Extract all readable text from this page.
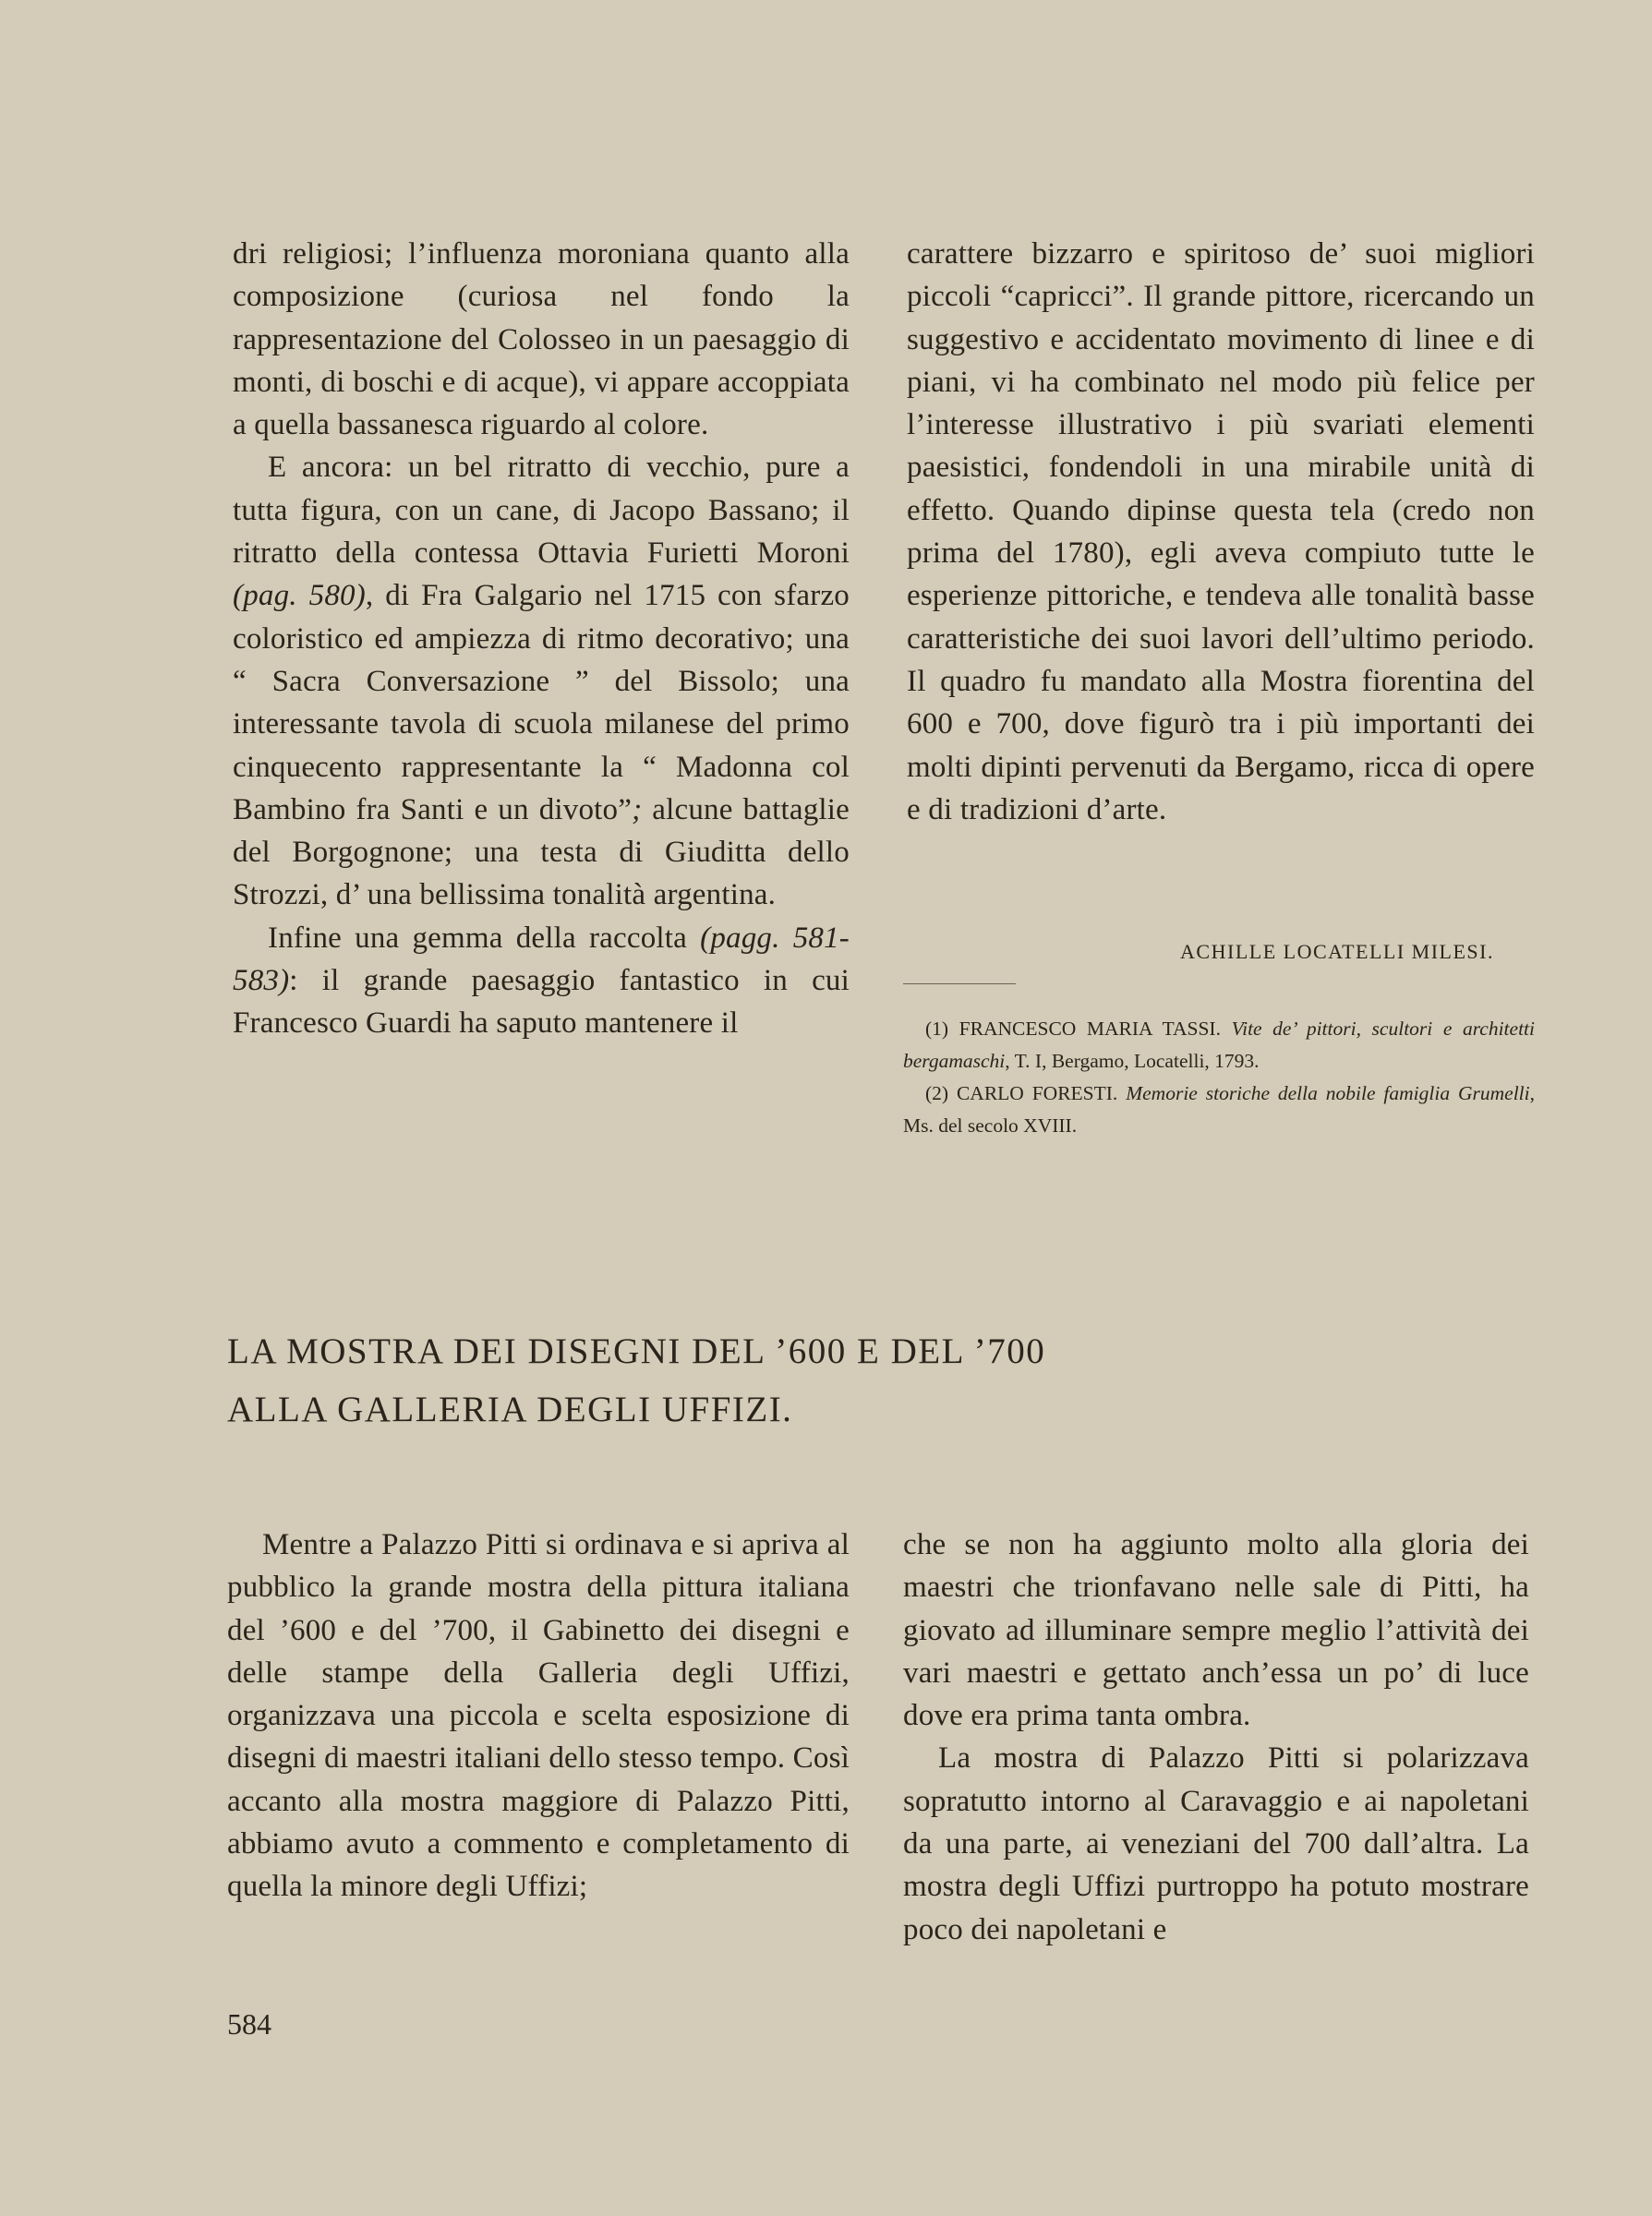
dri religiosi; l’influenza moroniana quanto alla composizione (curiosa nel fondo la rappresentazione del Colosseo in un paesaggio di monti, di boschi e di acque), vi appare accoppiata a quella bassanesca riguardo al colore.

E ancora: un bel ritratto di vecchio, pure a tutta figura, con un cane, di Jacopo Bassano; il ritratto della contessa Ottavia Furietti Moroni (pag. 580), di Fra Galgario nel 1715 con sfarzo coloristico ed ampiezza di ritmo decorativo; una “ Sacra Conversazione ” del Bissolo; una interessante tavola di scuola milanese del primo cinquecento rappresentante la “ Madonna col Bambino fra Santi e un divoto”; alcune battaglie del Borgognone; una testa di Giuditta dello Strozzi, d’ una bellissima tonalità argentina.

Infine una gemma della raccolta (pagg. 581-583): il grande paesaggio fantastico in cui Francesco Guardi ha saputo mantenere il

carattere bizzarro e spiritoso de’ suoi migliori piccoli “capricci”. Il grande pittore, ricercando un suggestivo e accidentato movimento di linee e di piani, vi ha combinato nel modo più felice per l’interesse illustrativo i più svariati elementi paesistici, fondendoli in una mirabile unità di effetto. Quando dipinse questa tela (credo non prima del 1780), egli aveva compiuto tutte le esperienze pittoriche, e tendeva alle tonalità basse caratteristiche dei suoi lavori dell’ultimo periodo. Il quadro fu mandato alla Mostra fiorentina del 600 e 700, dove figurò tra i più importanti dei molti dipinti pervenuti da Bergamo, ricca di opere e di tradizioni d’arte.

ACHILLE LOCATELLI MILESI.

(1) FRANCESCO MARIA TASSI. Vite de’ pittori, scultori e architetti bergamaschi, T. I, Bergamo, Locatelli, 1793.

(2) CARLO FORESTI. Memorie storiche della nobile famiglia Grumelli, Ms. del secolo XVIII.

LA MOSTRA DEI DISEGNI DEL ’600 E DEL ’700
ALLA GALLERIA DEGLI UFFIZI.

Mentre a Palazzo Pitti si ordinava e si apriva al pubblico la grande mostra della pittura italiana del ’600 e del ’700, il Gabinetto dei disegni e delle stampe della Galleria degli Uffizi, organizzava una piccola e scelta esposizione di disegni di maestri italiani dello stesso tempo. Così accanto alla mostra maggiore di Palazzo Pitti, abbiamo avuto a commento e completamento di quella la minore degli Uffizi;

che se non ha aggiunto molto alla gloria dei maestri che trionfavano nelle sale di Pitti, ha giovato ad illuminare sempre meglio l’attività dei vari maestri e gettato anch’essa un po’ di luce dove era prima tanta ombra.

La mostra di Palazzo Pitti si polarizzava sopratutto intorno al Caravaggio e ai napoletani da una parte, ai veneziani del 700 dall’altra. La mostra degli Uffizi purtroppo ha potuto mostrare poco dei napoletani e

584
